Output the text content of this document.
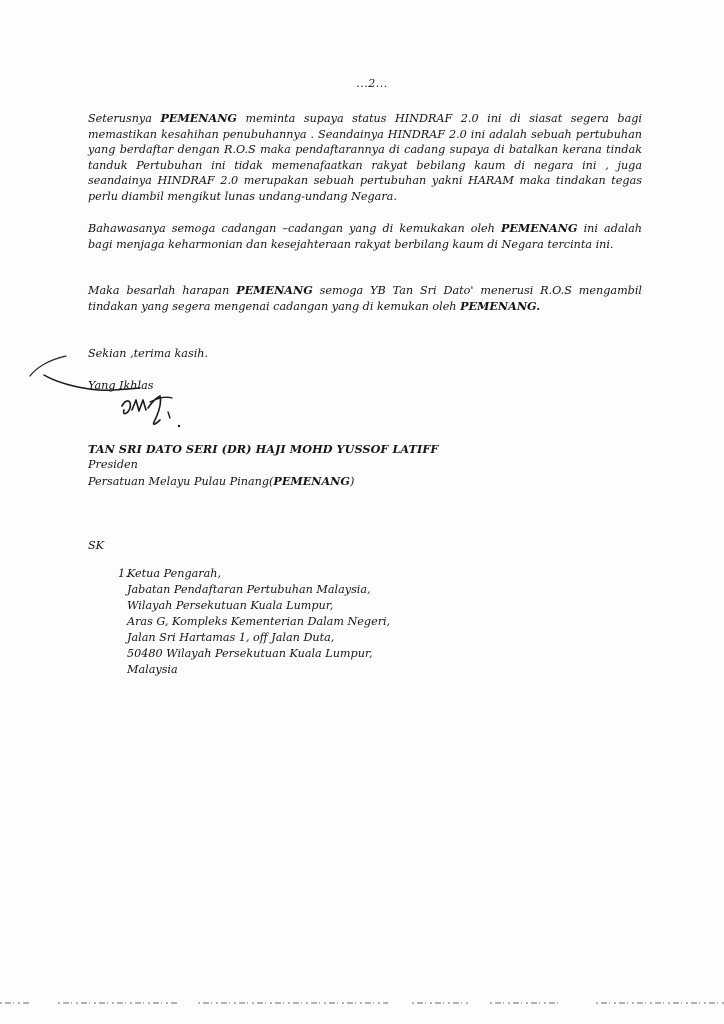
...2...
Seterusnya PEMENANG meminta supaya status HINDRAF 2.0 ini di siasat segera bagi memastikan kesahihan penubuhannya . Seandainya HINDRAF 2.0 ini adalah sebuah pertubuhan yang berdaftar dengan R.O.S maka pendaftarannya di cadang supaya di batalkan kerana tindak tanduk Pertubuhan ini tidak memenafaatkan rakyat bebilang kaum di negara ini , juga seandainya HINDRAF 2.0 merupakan sebuah pertubuhan yakni HARAM maka tindakan tegas perlu diambil mengikut lunas undang-undang Negara.
Bahawasanya semoga cadangan –cadangan yang di kemukakan oleh PEMENANG ini adalah bagi menjaga keharmonian dan kesejahteraan rakyat berbilang kaum di Negara tercinta ini.
Maka besarlah harapan PEMENANG semoga YB Tan Sri Dato' menerusi R.O.S mengambil tindakan yang segera mengenai cadangan yang di kemukan oleh PEMENANG.
Sekian ,terima kasih.
Yang Ikhlas
TAN SRI DATO SERI (DR) HAJI MOHD YUSSOF LATIFF
Presiden
Persatuan Melayu Pulau Pinang(PEMENANG)
SK
1.
Ketua Pengarah,
Jabatan Pendaftaran Pertubuhan Malaysia,
Wilayah Persekutuan Kuala Lumpur,
Aras G, Kompleks Kementerian Dalam Negeri,
Jalan Sri Hartamas 1, off Jalan Duta,
50480 Wilayah Persekutuan Kuala Lumpur,
Malaysia
